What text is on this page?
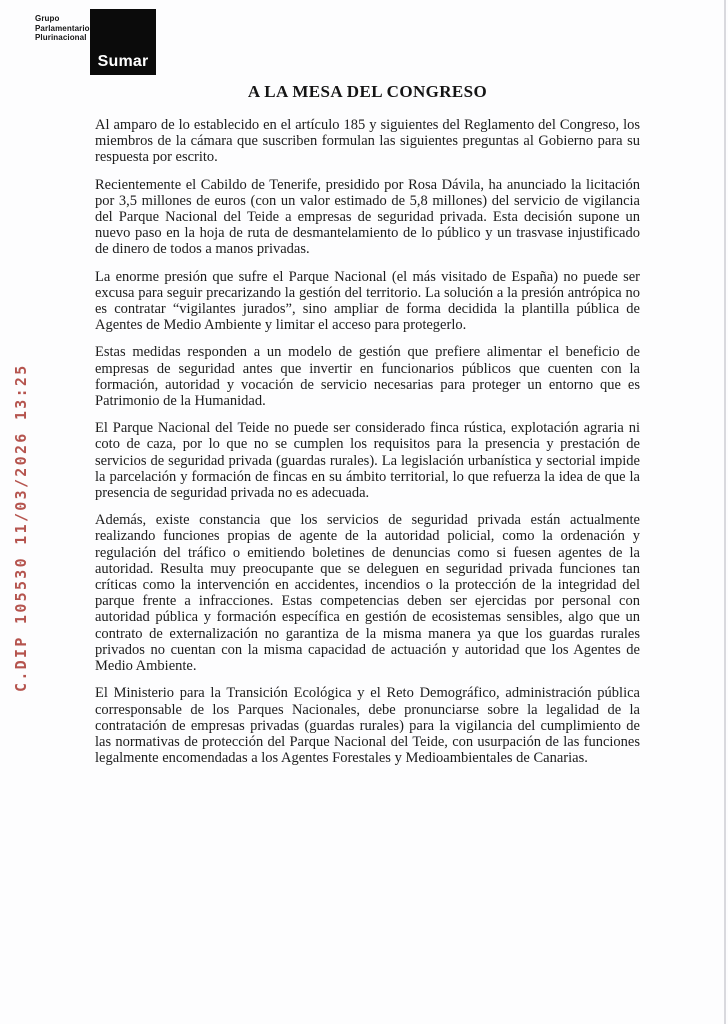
C.DIP 105530 11/03/2026 13:25
Grupo
Parlamentario
Plurinacional
Sumar
A LA MESA DEL CONGRESO

Al amparo de lo establecido en el artículo 185 y siguientes del Reglamento del Congreso, los miembros de la cámara que suscriben formulan las siguientes preguntas al Gobierno para su respuesta por escrito.

Recientemente el Cabildo de Tenerife, presidido por Rosa Dávila, ha anunciado la licitación por 3,5 millones de euros (con un valor estimado de 5,8 millones) del servicio de vigilancia del Parque Nacional del Teide a empresas de seguridad privada. Esta decisión supone un nuevo paso en la hoja de ruta de desmantelamiento de lo público y un trasvase injustificado de dinero de todos a manos privadas.

La enorme presión que sufre el Parque Nacional (el más visitado de España) no puede ser excusa para seguir precarizando la gestión del territorio. La solución a la presión antrópica no es contratar “vigilantes jurados”, sino ampliar de forma decidida la plantilla pública de Agentes de Medio Ambiente y limitar el acceso para protegerlo.

Estas medidas responden a un modelo de gestión que prefiere alimentar el beneficio de empresas de seguridad antes que invertir en funcionarios públicos que cuenten con la formación, autoridad y vocación de servicio necesarias para proteger un entorno que es Patrimonio de la Humanidad.

El Parque Nacional del Teide no puede ser considerado finca rústica, explotación agraria ni coto de caza, por lo que no se cumplen los requisitos para la presencia y prestación de servicios de seguridad privada (guardas rurales). La legislación urbanística y sectorial impide la parcelación y formación de fincas en su ámbito territorial, lo que refuerza la idea de que la presencia de seguridad privada no es adecuada.

Además, existe constancia que los servicios de seguridad privada están actualmente realizando funciones propias de agente de la autoridad policial, como la ordenación y regulación del tráfico o emitiendo boletines de denuncias como si fuesen agentes de la autoridad. Resulta muy preocupante que se deleguen en seguridad privada funciones tan críticas como la intervención en accidentes, incendios o la protección de la integridad del parque frente a infracciones. Estas competencias deben ser ejercidas por personal con autoridad pública y formación específica en gestión de ecosistemas sensibles, algo que un contrato de externalización no garantiza de la misma manera ya que los guardas rurales privados no cuentan con la misma capacidad de actuación y autoridad que los Agentes de Medio Ambiente.

El Ministerio para la Transición Ecológica y el Reto Demográfico, administración pública corresponsable de los Parques Nacionales, debe pronunciarse sobre la legalidad de la contratación de empresas privadas (guardas rurales) para la vigilancia del cumplimiento de las normativas de protección del Parque Nacional del Teide, con usurpación de las funciones legalmente encomendadas a los Agentes Forestales y Medioambientales de Canarias.
